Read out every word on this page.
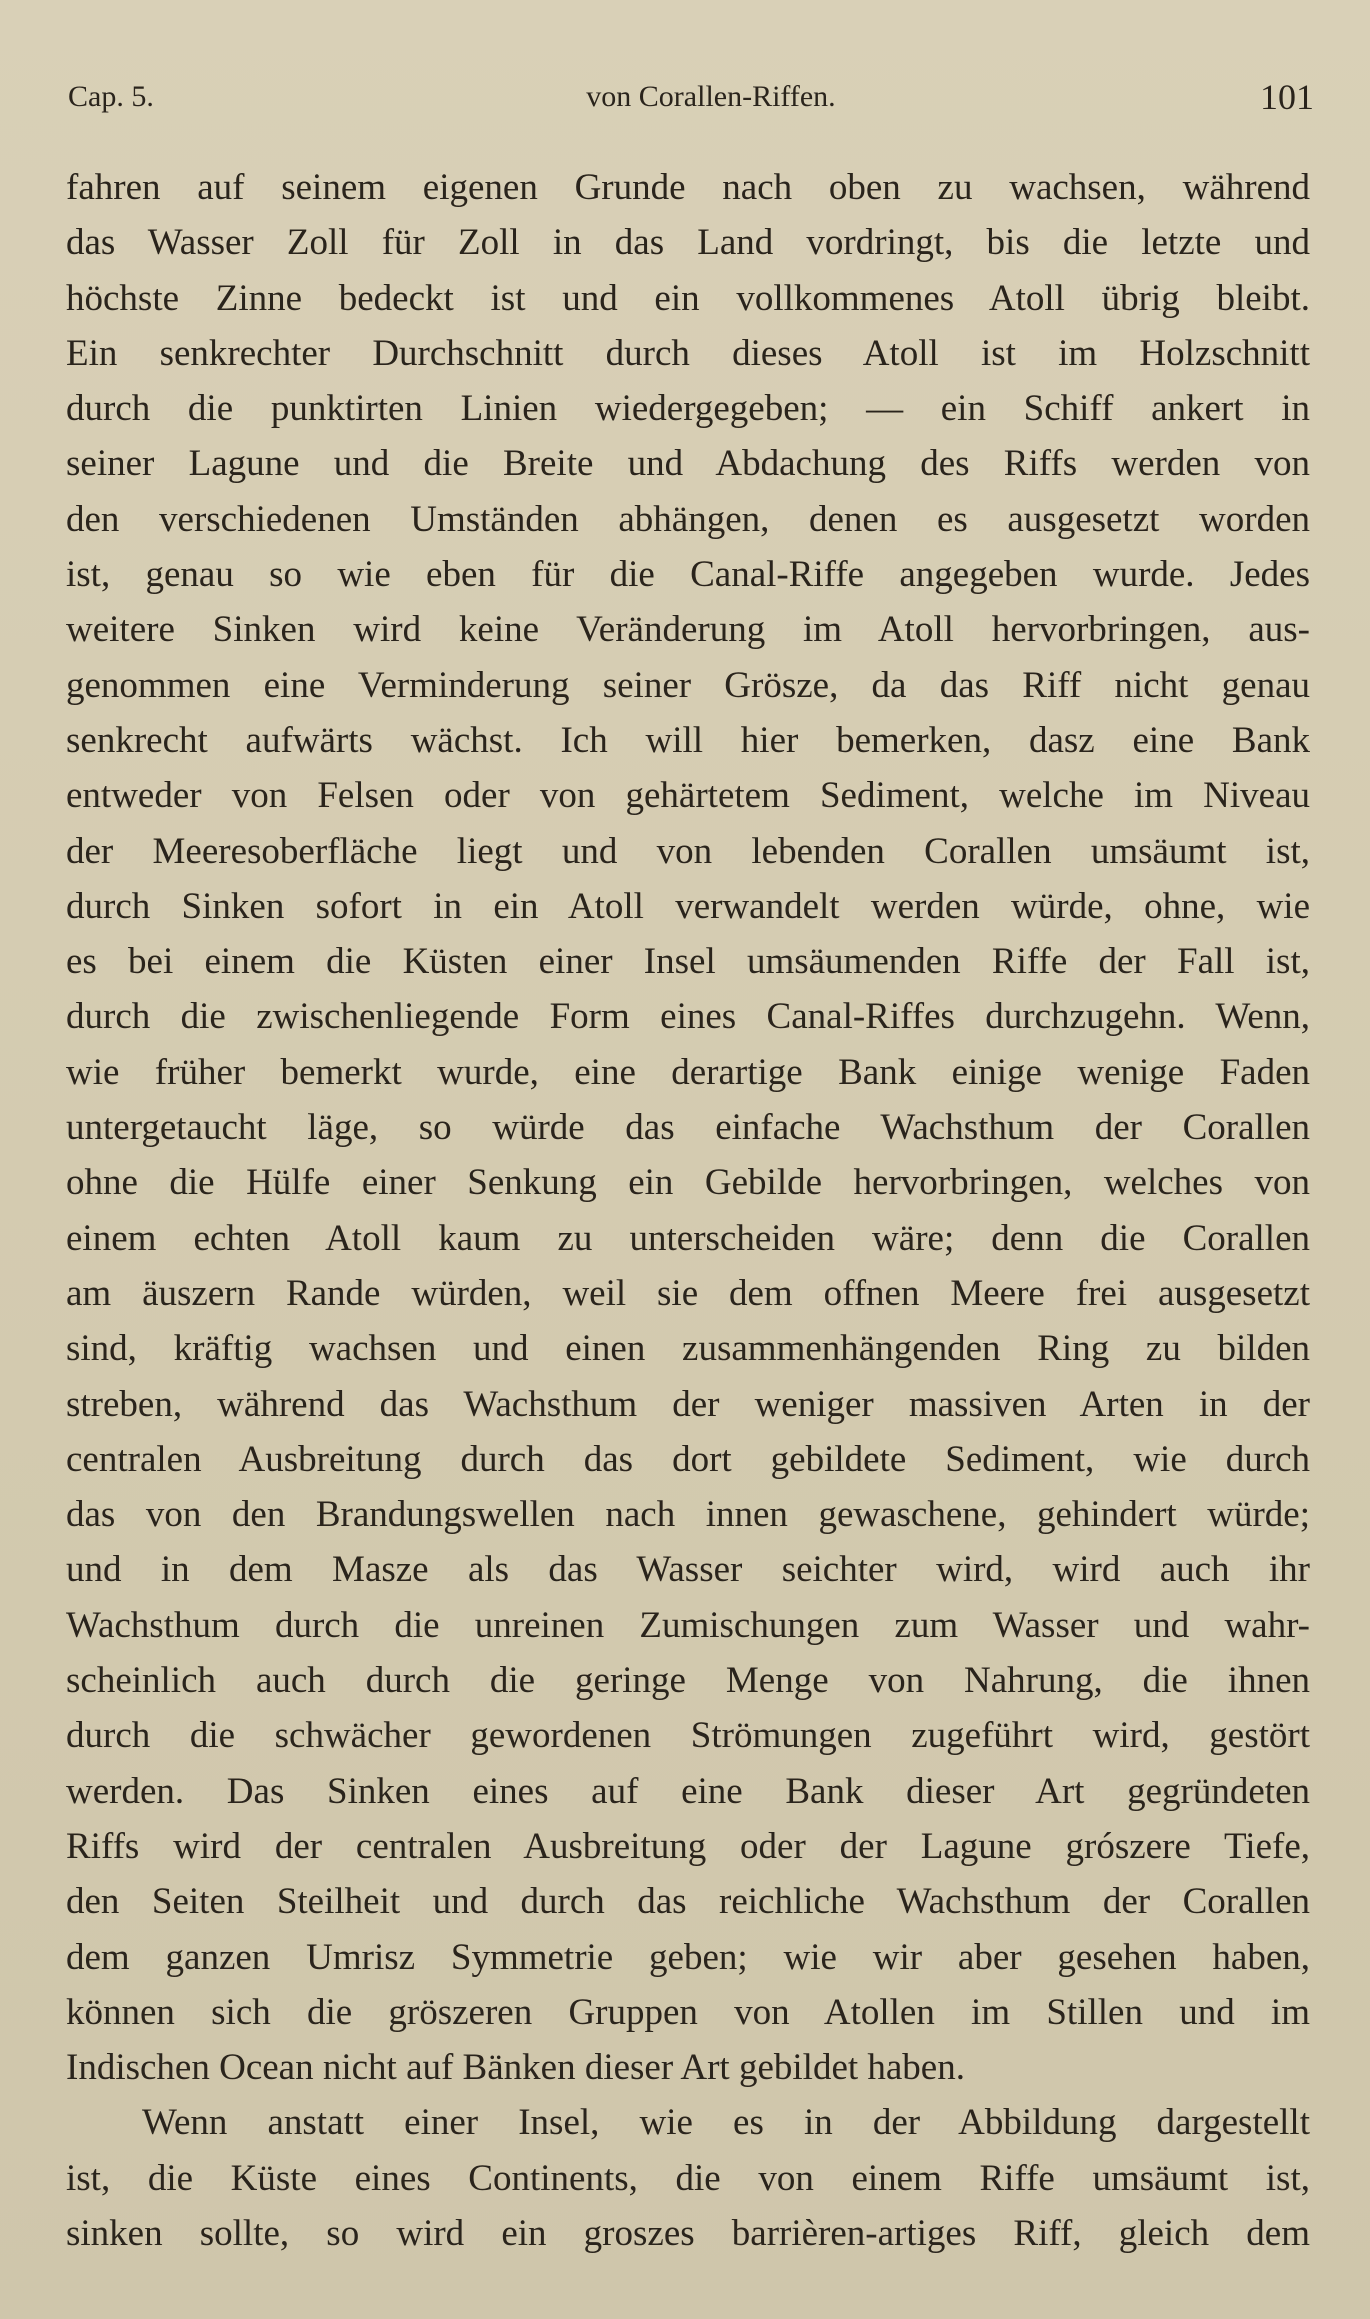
Cap. 5.	von Corallen-Riffen.	101
fahren auf seinem eigenen Grunde nach oben zu wachsen, während
das Wasser Zoll für Zoll in das Land vordringt, bis die letzte und
höchste Zinne bedeckt ist und ein vollkommenes Atoll übrig bleibt.
Ein senkrechter Durchschnitt durch dieses Atoll ist im Holzschnitt
durch die punktirten Linien wiedergegeben; — ein Schiff ankert in
seiner Lagune und die Breite und Abdachung des Riffs werden von
den verschiedenen Umständen abhängen, denen es ausgesetzt worden
ist, genau so wie eben für die Canal-Riffe angegeben wurde. Jedes
weitere Sinken wird keine Veränderung im Atoll hervorbringen, aus-
genommen eine Verminderung seiner Grösze, da das Riff nicht genau
senkrecht aufwärts wächst. Ich will hier bemerken, dasz eine Bank
entweder von Felsen oder von gehärtetem Sediment, welche im Niveau
der Meeresoberfläche liegt und von lebenden Corallen umsäumt ist,
durch Sinken sofort in ein Atoll verwandelt werden würde, ohne, wie
es bei einem die Küsten einer Insel umsäumenden Riffe der Fall ist,
durch die zwischenliegende Form eines Canal-Riffes durchzugehn. Wenn,
wie früher bemerkt wurde, eine derartige Bank einige wenige Faden
untergetaucht läge, so würde das einfache Wachsthum der Corallen
ohne die Hülfe einer Senkung ein Gebilde hervorbringen, welches von
einem echten Atoll kaum zu unterscheiden wäre; denn die Corallen
am äuszern Rande würden, weil sie dem offnen Meere frei ausgesetzt
sind, kräftig wachsen und einen zusammenhängenden Ring zu bilden
streben, während das Wachsthum der weniger massiven Arten in der
centralen Ausbreitung durch das dort gebildete Sediment, wie durch
das von den Brandungswellen nach innen gewaschene, gehindert würde;
und in dem Masze als das Wasser seichter wird, wird auch ihr
Wachsthum durch die unreinen Zumischungen zum Wasser und wahr-
scheinlich auch durch die geringe Menge von Nahrung, die ihnen
durch die schwächer gewordenen Strömungen zugeführt wird, gestört
werden. Das Sinken eines auf eine Bank dieser Art gegründeten
Riffs wird der centralen Ausbreitung oder der Lagune grószere Tiefe,
den Seiten Steilheit und durch das reichliche Wachsthum der Corallen
dem ganzen Umrisz Symmetrie geben; wie wir aber gesehen haben,
können sich die gröszeren Gruppen von Atollen im Stillen und im
Indischen Ocean nicht auf Bänken dieser Art gebildet haben.
Wenn anstatt einer Insel, wie es in der Abbildung dargestellt
ist, die Küste eines Continents, die von einem Riffe umsäumt ist,
sinken sollte, so wird ein groszes barrièren-artiges Riff, gleich dem
